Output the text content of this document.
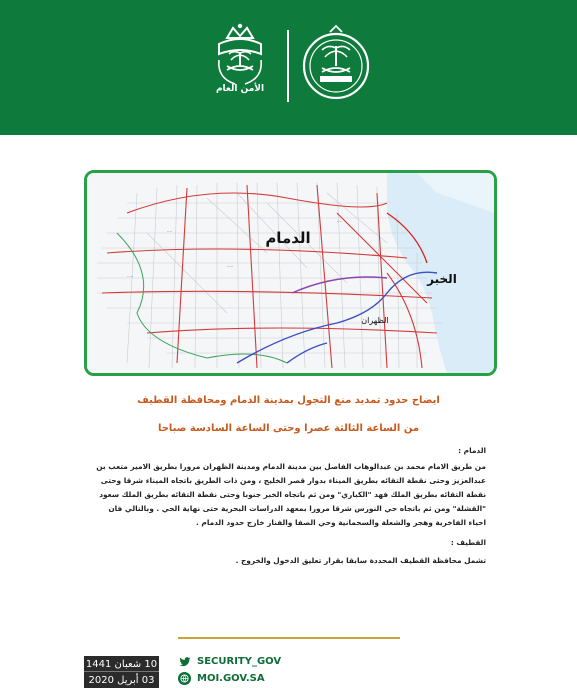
الأمن العام
الدمام
الخبر
الظهران
·····
····
·····
····
ايضاح حدود تمديد منع التجول بمدينة الدمام ومحافظة القطيف
من الساعة الثالثة عصرا وحتى الساعة السادسة صباحا

الدمام :

من طريق الامام محمد بن عبدالوهاب الفاصل بين مدينة الدمام ومدينة الظهران مرورا بطريق الامير متعب بن عبدالعزيز وحتى نقطة التقائه بطريق الميناء بدوار قصر الخليج ، ومن ذات الطريق باتجاه الميناء شرقا وحتى نقطة التقائه بطريق الملك فهد "الكباري" ومن ثم باتجاه الخبر جنوبا وحتى نقطة التقائه بطريق الملك سعود "القشلة" ومن ثم باتجاه حي النورس شرقا مرورا بمعهد الدراسات البحرية حتى نهاية الحي . وبالتالي فان احياء الفاخرية وهجر والشعلة والسحمانية وحي الصفا والفنار خارج حدود الدمام .

القطيف :

تشمل محافظة القطيف المحددة سابقا بقرار تعليق الدخول والخروج .

10 شعبان 1441
03 أبريل 2020
SECURITY_GOV
MOI.GOV.SA
